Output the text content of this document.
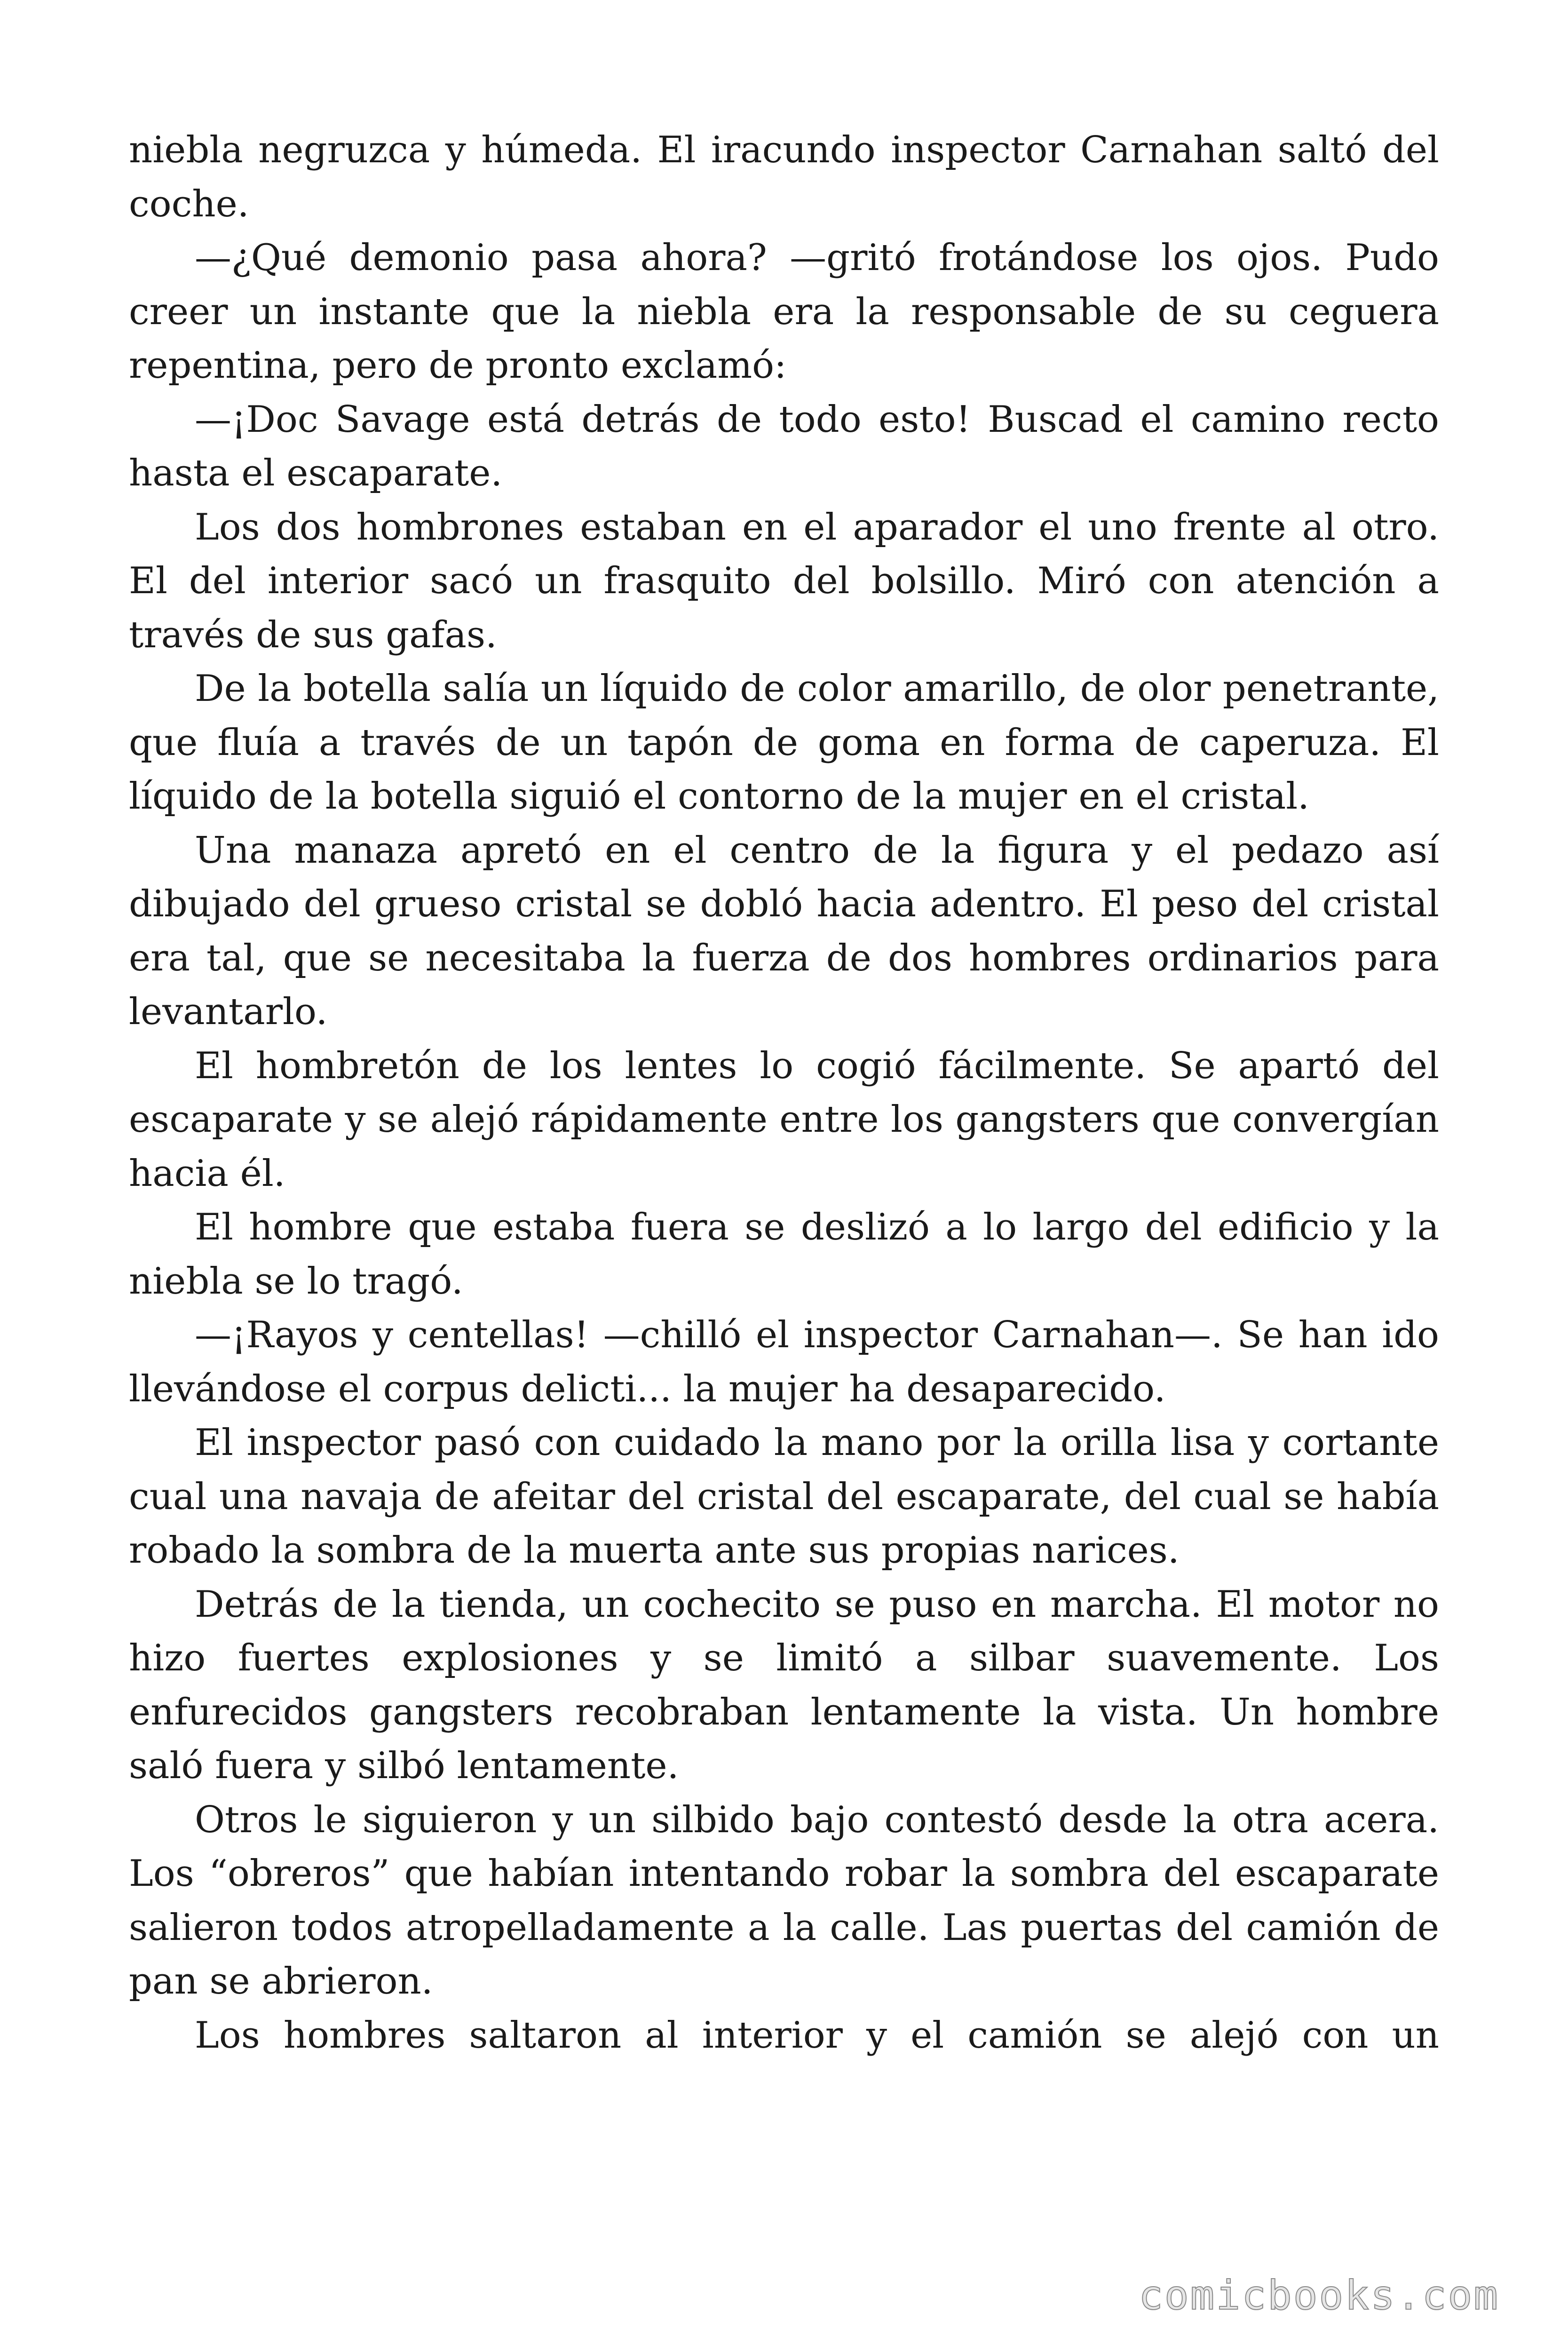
niebla negruzca y húmeda. El iracundo inspector Carnahan saltó del coche.

—¿Qué demonio pasa ahora? —gritó frotándose los ojos. Pudo creer un instante que la niebla era la responsable de su ceguera repentina, pero de pronto exclamó:

—¡Doc Savage está detrás de todo esto! Buscad el camino recto hasta el escaparate.

Los dos hombrones estaban en el aparador el uno frente al otro. El del interior sacó un frasquito del bolsillo. Miró con atención a través de sus gafas.

De la botella salía un líquido de color amarillo, de olor penetrante, que fluía a través de un tapón de goma en forma de caperuza. El líquido de la botella siguió el contorno de la mujer en el cristal.

Una manaza apretó en el centro de la figura y el pedazo así dibujado del grueso cristal se dobló hacia adentro. El peso del cristal era tal, que se necesitaba la fuerza de dos hombres ordinarios para levantarlo.

El hombretón de los lentes lo cogió fácilmente. Se apartó del escaparate y se alejó rápidamente entre los gangsters que convergían hacia él.

El hombre que estaba fuera se deslizó a lo largo del edificio y la niebla se lo tragó.

—¡Rayos y centellas! —chilló el inspector Carnahan—. Se han ido llevándose el corpus delicti... la mujer ha desaparecido.

El inspector pasó con cuidado la mano por la orilla lisa y cortante cual una navaja de afeitar del cristal del escaparate, del cual se había robado la sombra de la muerta ante sus propias narices.

Detrás de la tienda, un cochecito se puso en marcha. El motor no hizo fuertes explosiones y se limitó a silbar suavemente. Los enfurecidos gangsters recobraban lentamente la vista. Un hombre saló fuera y silbó lentamente.

Otros le siguieron y un silbido bajo contestó desde la otra acera. Los “obreros” que habían intentando robar la sombra del escaparate salieron todos atropelladamente a la calle. Las puertas del camión de pan se abrieron.

Los hombres saltaron al interior y el camión se alejó con un

comicbooks.com
